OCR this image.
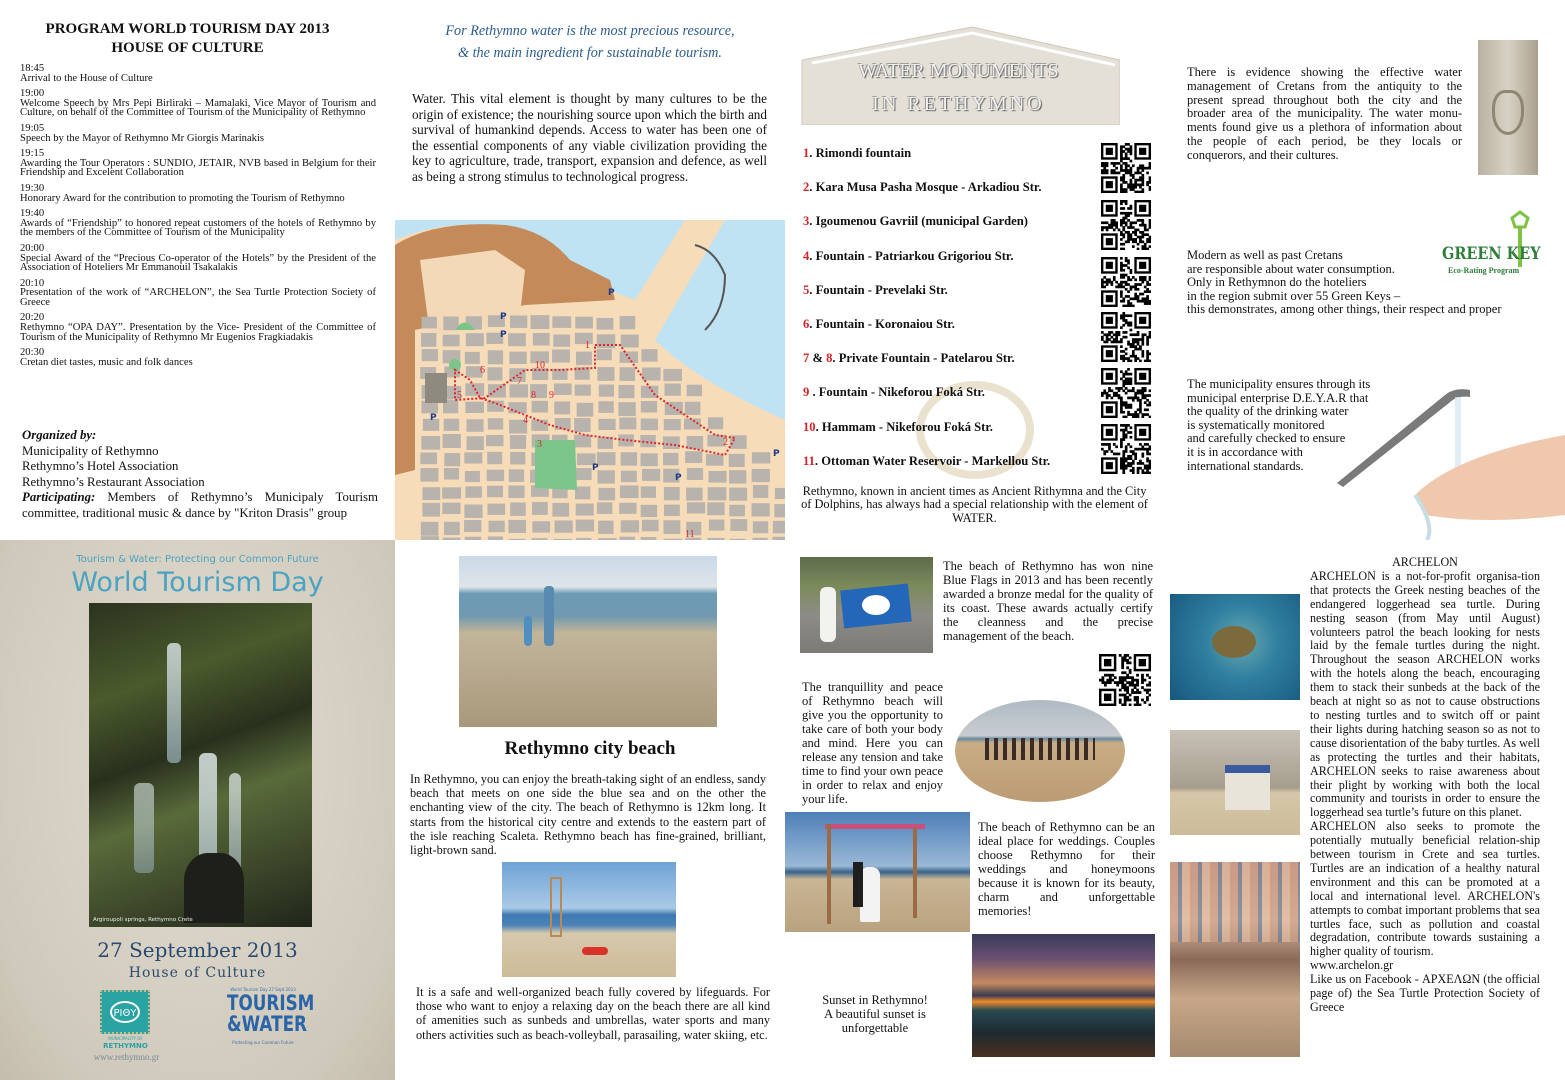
PROGRAM WORLD TOURISM DAY 2013
HOUSE OF CULTURE
18:45
Arrival to the House of Culture
19:00
Welcome Speech by Mrs Pepi Birliraki – Mamalaki, Vice Mayor of Tourism and Culture, on behalf of the Committee of Tourism of the Municipality of Rethymno
19:05
Speech by the Mayor of Rethymno Mr Giorgis Marinakis
19:15
Awarding the Tour Operators : SUNDIO, JETAIR, NVB based in Belgium for their Friendship and Excelent Collaboration
19:30
Honorary Award for the contribution to promoting the Tourism of Rethymno
19:40
Awards of “Friendship” to honored repeat customers of the hotels of Rethymno by the members of the Committee of Tourism of the Municipality
20:00
Special Award of the “Precious Co-operator of the Hotels” by the President of the Association of Hoteliers Mr Emmanouil Tsakalakis
20:10
Presentation of the work of “ARCHELON”, the Sea Turtle Protection Society of Greece
20:20
Rethymno “OPA DAY”. Presentation by the Vice- President of the Committee of Tourism of the Municipality of Rethymno Mr Eugenios Fragkiadakis
20:30
Cretan diet tastes, music and folk dances
Organized by:
Municipality of Rethymno
Rethymno’s Hotel Association
Rethymno’s Restaurant Association
Participating: Members of Rethymno’s Municipaly Tourism committee, traditional music & dance by "Kriton Drasis" group
Tourism & Water: Protecting our Common Future
World Tourism Day
Argiroupoli springs, Rethymno Crete
27 September 2013
House of Culture
ΡΙΘΥ
MUNICIPALITY OF
RETHYMNO
www.rethymno.gr
World Tourism Day 27 Sept 2013
TOURISM
&WATER
Protecting our Common Future
For Rethymno water is the most precious resource,
& the main ingredient for sustainable tourism.
Water. This vital element is thought by many cultures to be the origin of existence; the nourishing source upon which the birth and survival of humankind depends. Access to water has been one of the essential components of any viable civilization providing the key to agriculture, trade, transport, expansion and defence, as well as being a strong stimulus to technological progress.
1
2
3
4
5
6
7
8 9
10
11
P
P
P
P
P
P
P
Rethymno city beach
In Rethymno, you can enjoy the breath-taking sight of an endless, sandy beach that meets on one side the blue sea and on the other the enchanting view of the city. The beach of Rethymno is 12km long. It starts from the historical city centre and extends to the eastern part of the isle reaching Scaleta. Rethymno beach has fine-grained, brilliant, light-brown sand.
It is a safe and well-organized beach fully covered by lifeguards. For those who want to enjoy a relaxing day on the beach there are all kind of amenities such as sunbeds and umbrellas, water sports and many others activities such as beach-volleyball, parasailing, water skiing, etc.
WATER MONUMENTS
IN RETHYMNO
1. Rimondi fountain
2. Kara Musa Pasha Mosque - Arkadiou Str.
3. Igoumenou Gavriil (municipal Garden)
4. Fountain - Patriarkou Grigoriou Str.
5. Fountain - Prevelaki Str.
6. Fountain - Koronaiou Str.
7 & 8. Private Fountain - Patelarou Str.
9 . Fountain - Nikeforou Foká Str.
10. Hammam - Nikeforou Foká Str.
11. Ottoman Water Reservoir - Markellou Str.
Rethymno, known in ancient times as Ancient Rithymna and the City of Dolphins, has always had a special relationship with the element of WATER.
The beach of Rethymno has won nine Blue Flags in 2013 and has been recently awarded a bronze medal for the quality of its coast. These awards actually certify the cleanness and the precise management of the beach.
The tranquillity and peace of Rethymno beach will give you the opportunity to take care of both your body and mind. Here you can release any tension and take time to find your own peace in order to relax and enjoy your life.
The beach of Rethymno can be an ideal place for weddings. Couples choose Rethymno for their weddings and honeymoons because it is known for its beauty, charm and unforgettable memories!
Sunset in Rethymno!
A beautiful sunset is
unforgettable
There is evidence showing the effective water management of Cretans from the antiquity to the present spread throughout both the city and the broader area of the municipality. The water monu-ments found give us a plethora of information about the people of each period, be they locals or conquerors, and their cultures.
Modern as well as past Cretans
are responsible about water consumption.
Only in Rethymnon do the hoteliers
in the region submit over 55 Green Keys –
this demonstrates, among other things, their respect and proper
GREEN KEY
Eco-Rating Program
The municipality ensures through its
municipal enterprise D.E.Y.A.R that
the quality of the drinking water
is systematically monitored
and carefully checked to ensure
it is in accordance with
international standards.
ARCHELON
ARCHELON is a not-for-profit organisa-tion that protects the Greek nesting beaches of the endangered loggerhead sea turtle. During nesting season (from May until August) volunteers patrol the beach looking for nests laid by the female turtles during the night. Throughout the season ARCHELON works with the hotels along the beach, encouraging them to stack their sunbeds at the back of the beach at night so as not to cause obstructions to nesting turtles and to switch off or paint their lights during hatching season so as not to cause disorientation of the baby turtles. As well as protecting the turtles and their habitats, ARCHELON seeks to raise awareness about their plight by working with both the local community and tourists in order to ensure the loggerhead sea turtle’s future on this planet.
ARCHELON also seeks to promote the potentially mutually beneficial relation-ship between tourism in Crete and sea turtles. Turtles are an indication of a healthy natural environment and this can be promoted at a local and international level. ARCHELON's attempts to combat important problems that sea turtles face, such as pollution and coastal degradation, contribute towards sustaining a higher quality of tourism.
www.archelon.gr
Like us on Facebook - ΑΡΧΕΛΩΝ (the official page of) the Sea Turtle Protection Society of Greece
